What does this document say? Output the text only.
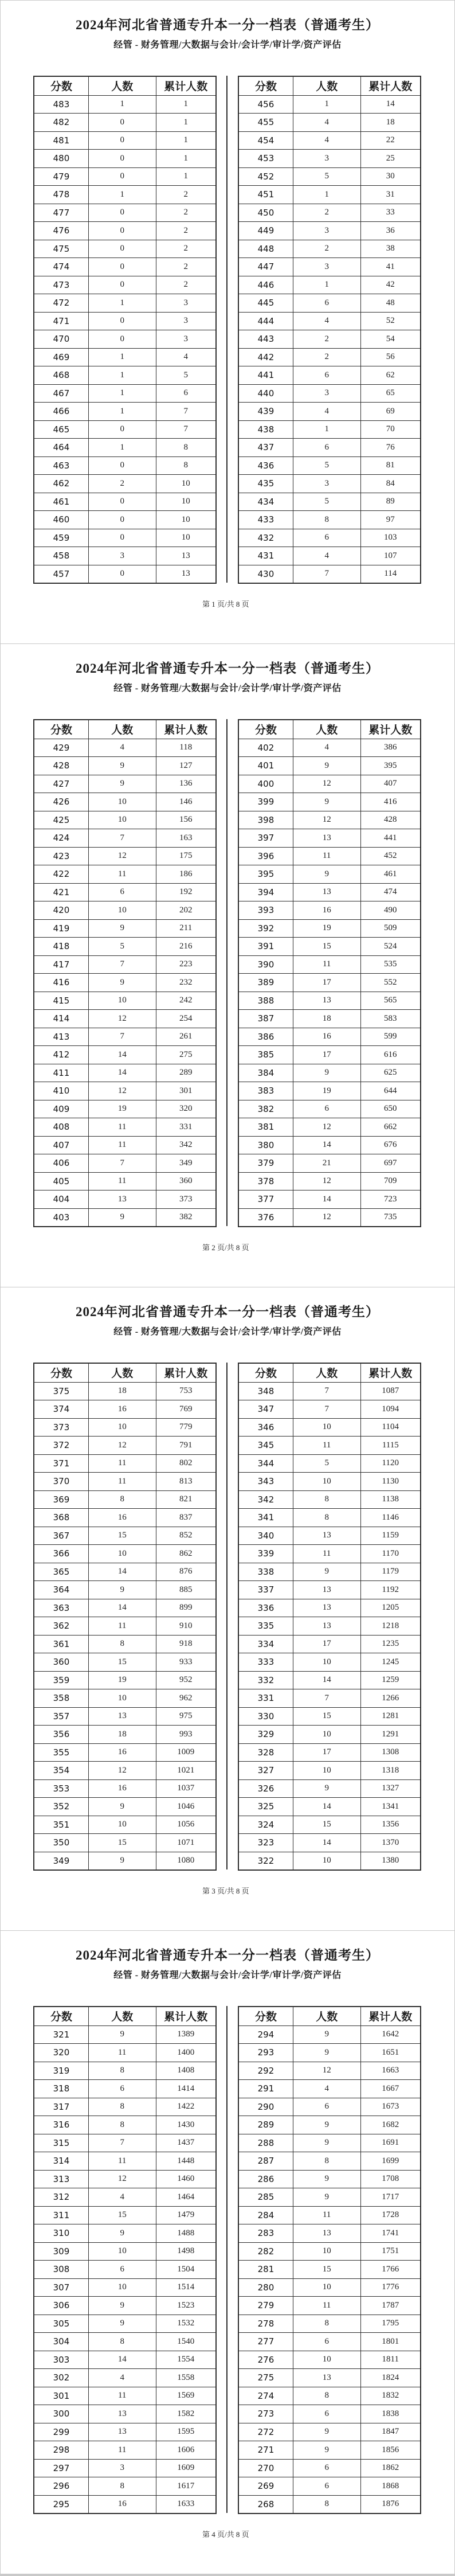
2024年河北省普通专升本一分一档表（普通考生）
经管 - 财务管理/大数据与会计/会计学/审计学/资产评估
分数	人数	累计人数
483	1	1
482	0	1
481	0	1
480	0	1
479	0	1
478	1	2
477	0	2
476	0	2
475	0	2
474	0	2
473	0	2
472	1	3
471	0	3
470	0	3
469	1	4
468	1	5
467	1	6
466	1	7
465	0	7
464	1	8
463	0	8
462	2	10
461	0	10
460	0	10
459	0	10
458	3	13
457	0	13
分数	人数	累计人数
456	1	14
455	4	18
454	4	22
453	3	25
452	5	30
451	1	31
450	2	33
449	3	36
448	2	38
447	3	41
446	1	42
445	6	48
444	4	52
443	2	54
442	2	56
441	6	62
440	3	65
439	4	69
438	1	70
437	6	76
436	5	81
435	3	84
434	5	89
433	8	97
432	6	103
431	4	107
430	7	114
第 1 页/共 8 页
2024年河北省普通专升本一分一档表（普通考生）
经管 - 财务管理/大数据与会计/会计学/审计学/资产评估
分数	人数	累计人数
429	4	118
428	9	127
427	9	136
426	10	146
425	10	156
424	7	163
423	12	175
422	11	186
421	6	192
420	10	202
419	9	211
418	5	216
417	7	223
416	9	232
415	10	242
414	12	254
413	7	261
412	14	275
411	14	289
410	12	301
409	19	320
408	11	331
407	11	342
406	7	349
405	11	360
404	13	373
403	9	382
分数	人数	累计人数
402	4	386
401	9	395
400	12	407
399	9	416
398	12	428
397	13	441
396	11	452
395	9	461
394	13	474
393	16	490
392	19	509
391	15	524
390	11	535
389	17	552
388	13	565
387	18	583
386	16	599
385	17	616
384	9	625
383	19	644
382	6	650
381	12	662
380	14	676
379	21	697
378	12	709
377	14	723
376	12	735
第 2 页/共 8 页
2024年河北省普通专升本一分一档表（普通考生）
经管 - 财务管理/大数据与会计/会计学/审计学/资产评估
分数	人数	累计人数
375	18	753
374	16	769
373	10	779
372	12	791
371	11	802
370	11	813
369	8	821
368	16	837
367	15	852
366	10	862
365	14	876
364	9	885
363	14	899
362	11	910
361	8	918
360	15	933
359	19	952
358	10	962
357	13	975
356	18	993
355	16	1009
354	12	1021
353	16	1037
352	9	1046
351	10	1056
350	15	1071
349	9	1080
分数	人数	累计人数
348	7	1087
347	7	1094
346	10	1104
345	11	1115
344	5	1120
343	10	1130
342	8	1138
341	8	1146
340	13	1159
339	11	1170
338	9	1179
337	13	1192
336	13	1205
335	13	1218
334	17	1235
333	10	1245
332	14	1259
331	7	1266
330	15	1281
329	10	1291
328	17	1308
327	10	1318
326	9	1327
325	14	1341
324	15	1356
323	14	1370
322	10	1380
第 3 页/共 8 页
2024年河北省普通专升本一分一档表（普通考生）
经管 - 财务管理/大数据与会计/会计学/审计学/资产评估
分数	人数	累计人数
321	9	1389
320	11	1400
319	8	1408
318	6	1414
317	8	1422
316	8	1430
315	7	1437
314	11	1448
313	12	1460
312	4	1464
311	15	1479
310	9	1488
309	10	1498
308	6	1504
307	10	1514
306	9	1523
305	9	1532
304	8	1540
303	14	1554
302	4	1558
301	11	1569
300	13	1582
299	13	1595
298	11	1606
297	3	1609
296	8	1617
295	16	1633
分数	人数	累计人数
294	9	1642
293	9	1651
292	12	1663
291	4	1667
290	6	1673
289	9	1682
288	9	1691
287	8	1699
286	9	1708
285	9	1717
284	11	1728
283	13	1741
282	10	1751
281	15	1766
280	10	1776
279	11	1787
278	8	1795
277	6	1801
276	10	1811
275	13	1824
274	8	1832
273	6	1838
272	9	1847
271	9	1856
270	6	1862
269	6	1868
268	8	1876
第 4 页/共 8 页
